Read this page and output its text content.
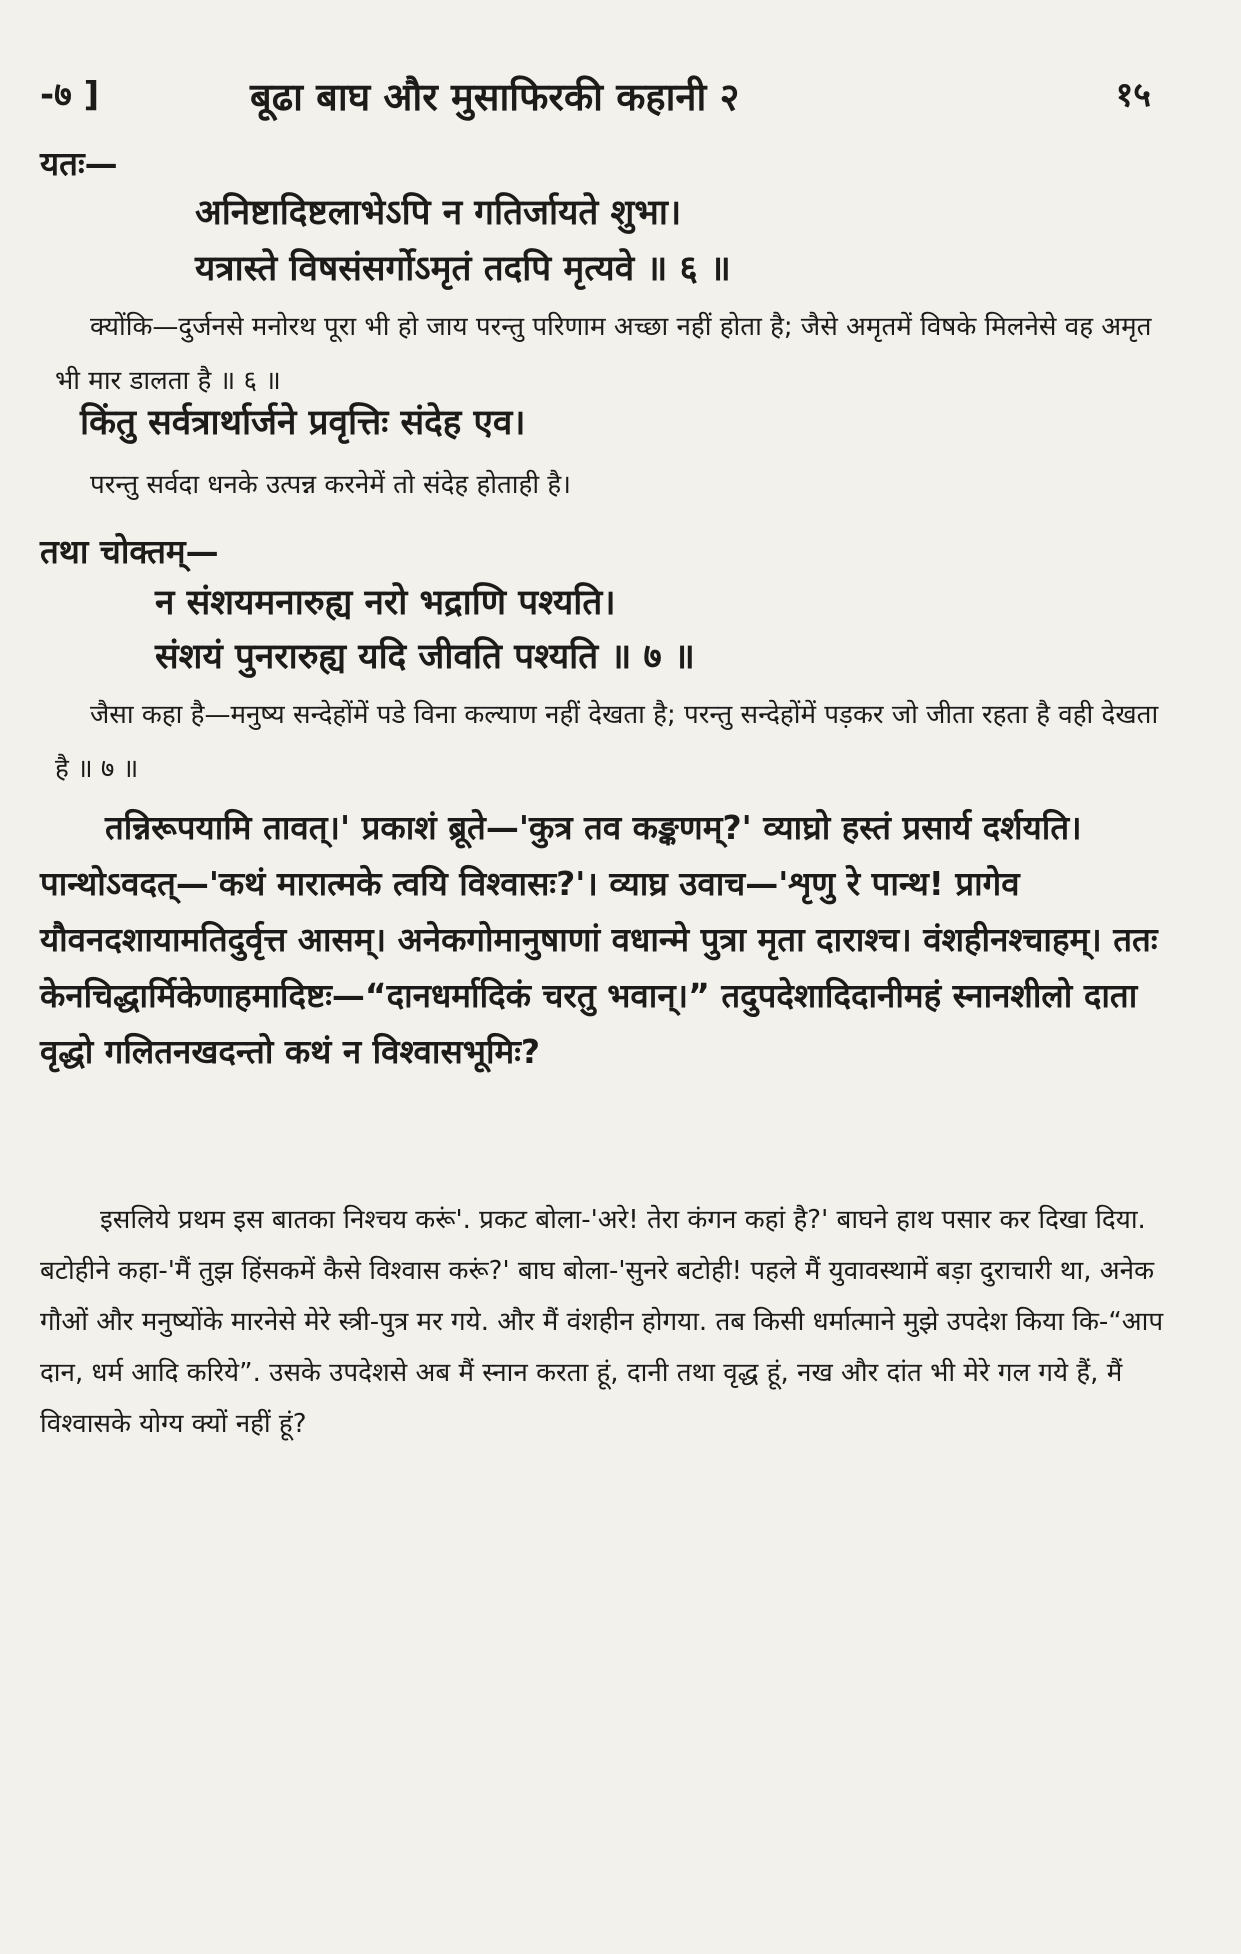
-७ ]	बूढा बाघ और मुसाफिरकी कहानी २	१५
यतः—
अनिष्टादिष्टलाभेऽपि न गतिर्जायते शुभा।
यत्रास्ते विषसंसर्गोऽमृतं तदपि मृत्यवे ॥ ६ ॥
क्योंकि—दुर्जनसे मनोरथ पूरा भी हो जाय परन्तु परिणाम अच्छा नहीं होता है; जैसे अमृतमें विषके मिलनेसे वह अमृत भी मार डालता है ॥ ६ ॥
किंतु सर्वत्रार्थार्जने प्रवृत्तिः संदेह एव।
परन्तु सर्वदा धनके उत्पन्न करनेमें तो संदेह होताही है।
तथा चोक्तम्—
न संशयमनारुह्य नरो भद्राणि पश्यति।
संशयं पुनरारुह्य यदि जीवति पश्यति ॥ ७ ॥
जैसा कहा है—मनुष्य सन्देहोंमें पडे विना कल्याण नहीं देखता है; परन्तु सन्देहोंमें पड़कर जो जीता रहता है वही देखता है ॥ ७ ॥
तन्निरूपयामि तावत्।' प्रकाशं ब्रूते—'कुत्र तव कङ्कणम्?' व्याघ्रो हस्तं प्रसार्य दर्शयति। पान्थोऽवदत्—'कथं मारात्मके त्वयि विश्वासः?'। व्याघ्र उवाच—'शृणु रे पान्थ! प्रागेव यौवनदशायामतिदुर्वृत्त आसम्। अनेकगोमानुषाणां वधान्मे पुत्रा मृता दाराश्च। वंशहीनश्चाहम्। ततः केनचिद्धार्मिकेणाहमादिष्टः—“दानधर्मादिकं चरतु भवान्।” तदुपदेशादिदानीमहं स्नानशीलो दाता वृद्धो गलितनखदन्तो कथं न विश्वासभूमिः?
इसलिये प्रथम इस बातका निश्चय करूं'. प्रकट बोला-'अरे! तेरा कंगन कहां है?' बाघने हाथ पसार कर दिखा दिया. बटोहीने कहा-'मैं तुझ हिंसकमें कैसे विश्वास करूं?' बाघ बोला-'सुनरे बटोही! पहले मैं युवावस्थामें बड़ा दुराचारी था, अनेक गौओं और मनुष्योंके मारनेसे मेरे स्त्री-पुत्र मर गये. और मैं वंशहीन होगया. तब किसी धर्मात्माने मुझे उपदेश किया कि-“आप दान, धर्म आदि करिये”. उसके उपदेशसे अब मैं स्नान करता हूं, दानी तथा वृद्ध हूं, नख और दांत भी मेरे गल गये हैं, मैं विश्वासके योग्य क्यों नहीं हूं?
